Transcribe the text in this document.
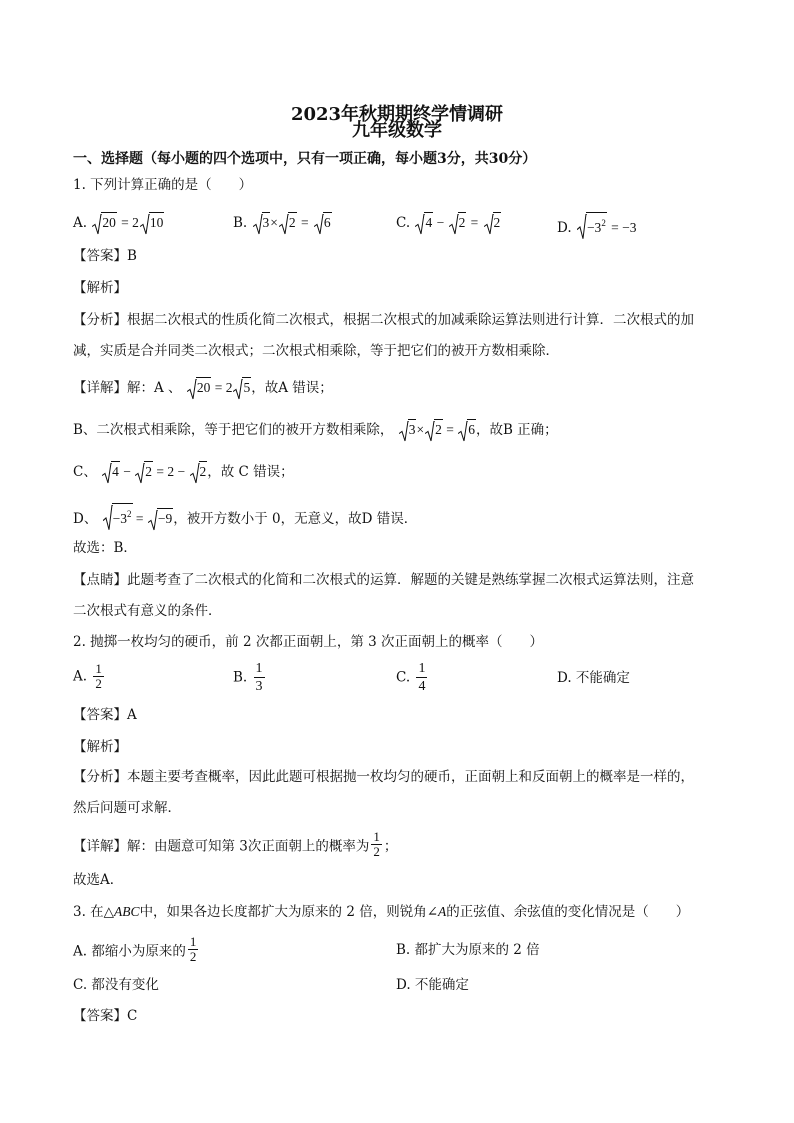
2023年秋期期终学情调研
九年级数学
一、选择题（每小题的四个选项中，只有一项正确，每小题3分，共30分）
1. 下列计算正确的是（　　）
A. 20 = 2 10	B. 3× 2 = 6	C. 4 −
2 = 2	D. $-3^2 = -3$
【答案】B
【解析】
【分析】根据二次根式的性质化简二次根式，根据二次根式的加减乘除运算法则进行计算．二次根式的加
减，实质是合并同类二次根式；二次根式相乘除，等于把它们的被开方数相乘除．
【详解】解：A 、 20 = 2 5，故A 错误；
B、二次根式相乘除，等于把它们的被开方数相乘除， 3× 2 =
6，故B 正确；
C、 4 −
2 = 2 −
2，故 C 错误；
D、 $-3^2$ =
−9，被开方数小于 0，无意义，故D 错误．
故选：B．
【点睛】此题考查了二次根式的化简和二次根式的运算．解题的关键是熟练掌握二次根式运算法则，注意
二次根式有意义的条件．
2. 抛掷一枚均匀的硬币，前 2 次都正面朝上，第 3 次正面朝上的概率（　　）
A. $\frac{1}{2}$	B. $\frac{1}{3}$	C. $\frac{1}{4}$	D. 不能确定
【答案】A
【解析】
【分析】本题主要考查概率，因此此题可根据抛一枚均匀的硬币，正面朝上和反面朝上的概率是一样的，
然后问题可求解．
【详解】解：由题意可知第 3次正面朝上的概率为 $\frac{1}{2}$ ；
故选A．
3. 在△ABC中，如果各边长度都扩大为原来的 2 倍，则锐角∠A的正弦值、余弦值的变化情况是（　　）
A. 都缩小为原来的 $\frac{1}{2}$	B. 都扩大为原来的 2 倍
C. 都没有变化	D. 不能确定
【答案】C
